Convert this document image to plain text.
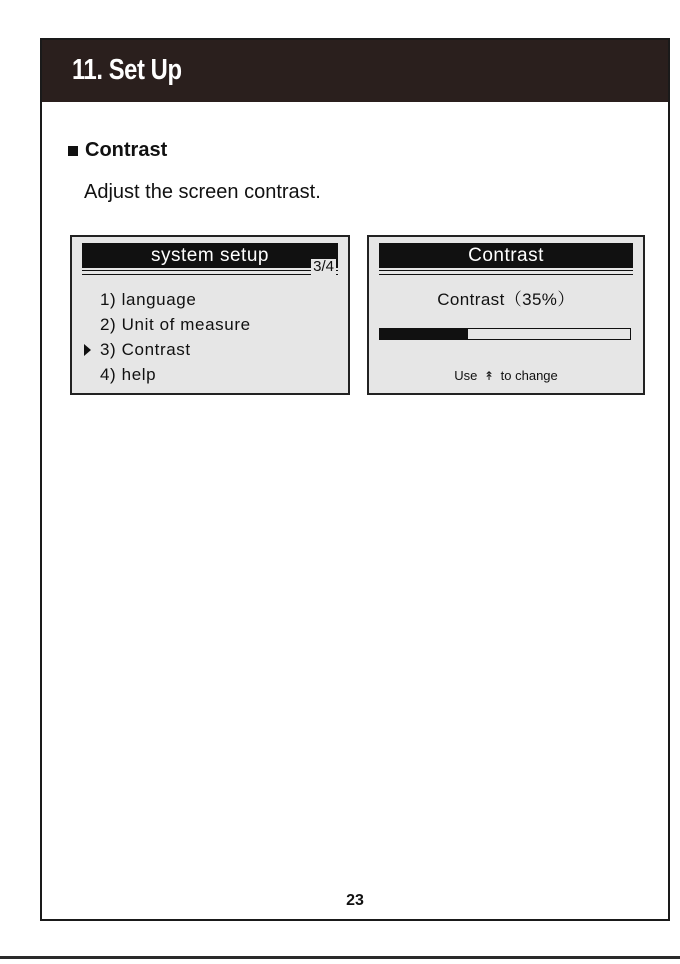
11. Set Up
Contrast
Adjust the screen contrast.
system setup
3/4
1) language
2) Unit of measure
3) Contrast
4) help
Contrast
Contrast（35%）
Use ↟ to change
23
